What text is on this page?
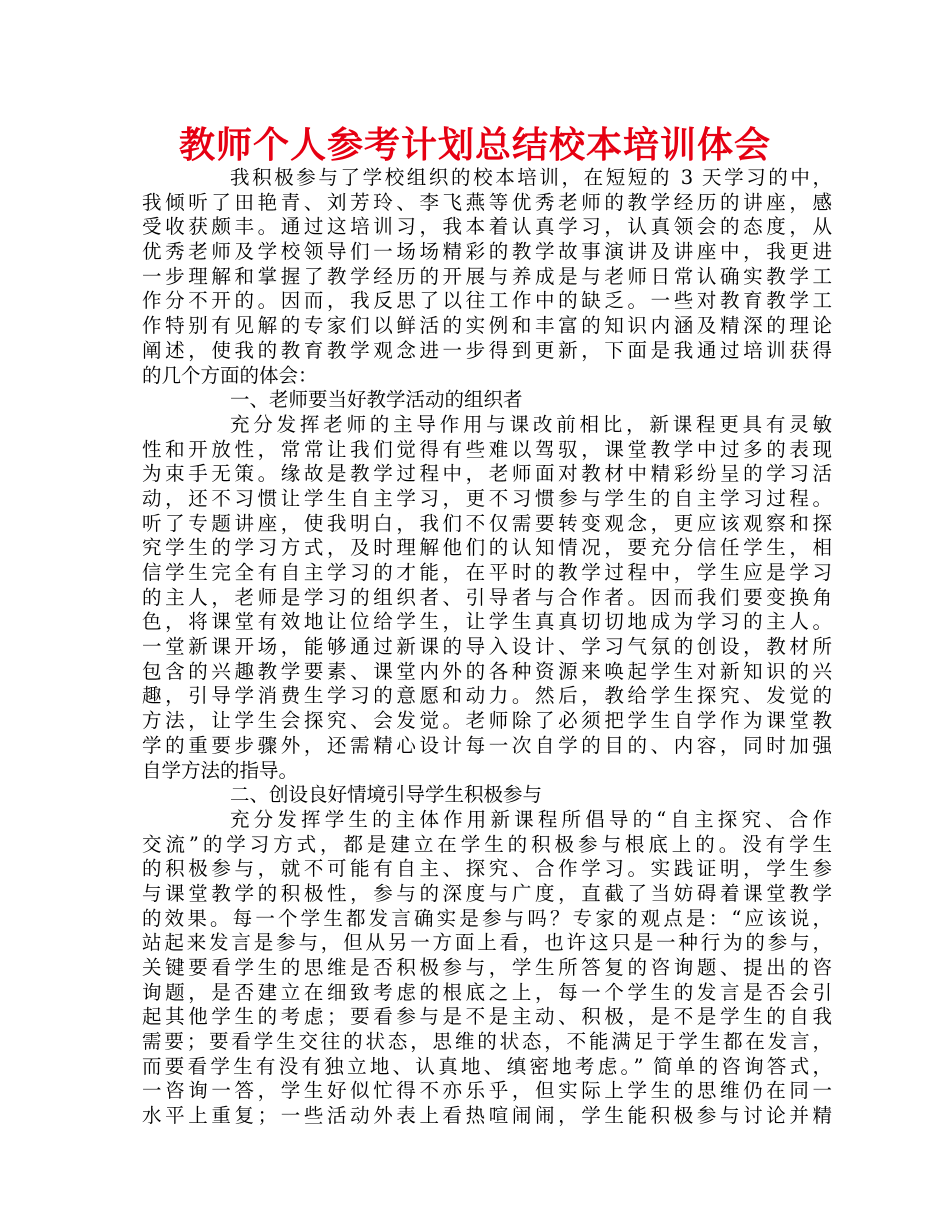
教师个人参考计划总结校本培训体会
我积极参与了学校组织的校本培训，在短短的 3 天学习的中，
我倾听了田艳青、刘芳玲、李飞燕等优秀老师的教学经历的讲座，感
受收获颇丰。通过这培训习，我本着认真学习，认真领会的态度，从
优秀老师及学校领导们一场场精彩的教学故事演讲及讲座中，我更进
一步理解和掌握了教学经历的开展与养成是与老师日常认确实教学工
作分不开的。因而，我反思了以往工作中的缺乏。一些对教育教学工
作特别有见解的专家们以鲜活的实例和丰富的知识内涵及精深的理论
阐述，使我的教育教学观念进一步得到更新，下面是我通过培训获得
的几个方面的体会：
一、老师要当好教学活动的组织者
充分发挥老师的主导作用与课改前相比，新课程更具有灵敏
性和开放性，常常让我们觉得有些难以驾驭，课堂教学中过多的表现
为束手无策。缘故是教学过程中，老师面对教材中精彩纷呈的学习活
动，还不习惯让学生自主学习，更不习惯参与学生的自主学习过程。
听了专题讲座，使我明白，我们不仅需要转变观念，更应该观察和探
究学生的学习方式，及时理解他们的认知情况，要充分信任学生，相
信学生完全有自主学习的才能，在平时的教学过程中，学生应是学习
的主人，老师是学习的组织者、引导者与合作者。因而我们要变换角
色，将课堂有效地让位给学生，让学生真真切切地成为学习的主人。
一堂新课开场，能够通过新课的导入设计、学习气氛的创设，教材所
包含的兴趣教学要素、课堂内外的各种资源来唤起学生对新知识的兴
趣，引导学消费生学习的意愿和动力。然后，教给学生探究、发觉的
方法，让学生会探究、会发觉。老师除了必须把学生自学作为课堂教
学的重要步骤外，还需精心设计每一次自学的目的、内容，同时加强
自学方法的指导。
二、创设良好情境引导学生积极参与
充分发挥学生的主体作用新课程所倡导的“自主探究、合作
交流”的学习方式，都是建立在学生的积极参与根底上的。没有学生
的积极参与，就不可能有自主、探究、合作学习。实践证明，学生参
与课堂教学的积极性，参与的深度与广度，直截了当妨碍着课堂教学
的效果。每一个学生都发言确实是参与吗？专家的观点是：“应该说，
站起来发言是参与，但从另一方面上看，也许这只是一种行为的参与，
关键要看学生的思维是否积极参与，学生所答复的咨询题、提出的咨
询题，是否建立在细致考虑的根底之上，每一个学生的发言是否会引
起其他学生的考虑；要看参与是不是主动、积极，是不是学生的自我
需要；要看学生交往的状态，思维的状态，不能满足于学生都在发言，
而要看学生有没有独立地、认真地、缜密地考虑。” 简单的咨询答式，
一咨询一答，学生好似忙得不亦乐乎，但实际上学生的思维仍在同一
水平上重复；一些活动外表上看热喧闹闹，学生能积极参与讨论并精
